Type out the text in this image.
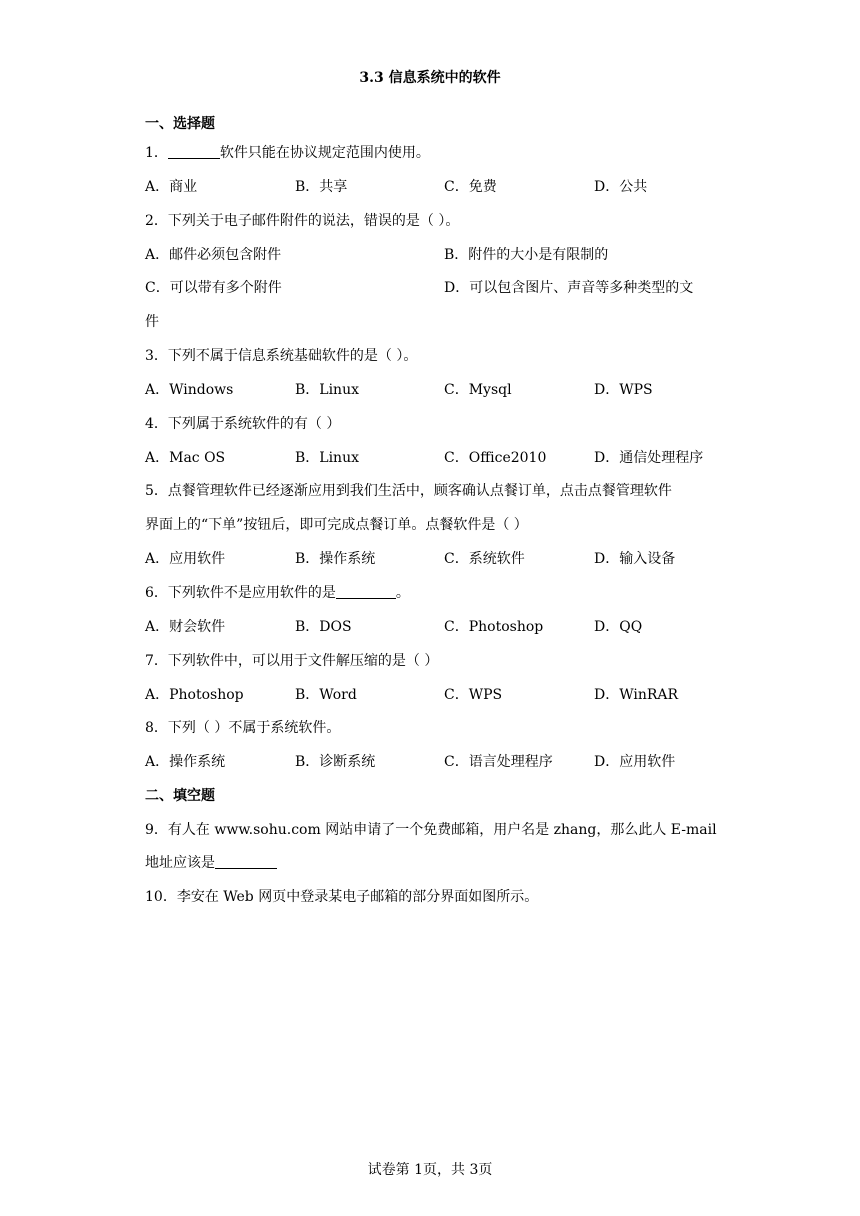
3.3 信息系统中的软件
一、选择题
1．	软件只能在协议规定范围内使用。
A．商业	B．共享	C．免费	D．公共
2．下列关于电子邮件附件的说法，错误的是（ ）。
A．邮件必须包含附件	B．附件的大小是有限制的
C．可以带有多个附件	D．可以包含图片、声音等多种类型的文
件
3．下列不属于信息系统基础软件的是（ ）。
A．Windows	B．Linux	C．Mysql	D．WPS
4．下列属于系统软件的有（ ）
A．Mac OS	B．Linux	C．Office2010	D．通信处理程序
5．点餐管理软件已经逐渐应用到我们生活中，顾客确认点餐订单，点击点餐管理软件
界面上的“下单”按钮后，即可完成点餐订单。点餐软件是（ ）
A．应用软件	B．操作系统	C．系统软件	D．输入设备
6．下列软件不是应用软件的是	。
A．财会软件	B．DOS	C．Photoshop	D．QQ
7．下列软件中，可以用于文件解压缩的是（ ）
A．Photoshop	B．Word	C．WPS	D．WinRAR
8．下列（ ）不属于系统软件。
A．操作系统	B．诊断系统	C．语言处理程序	D．应用软件
二、填空题
9．有人在 www.sohu.com 网站申请了一个免费邮箱，用户名是 zhang，那么此人 E-mail
地址应该是
10．李安在 Web 网页中登录某电子邮箱的部分界面如图所示。
试卷第 1页，共 3页
